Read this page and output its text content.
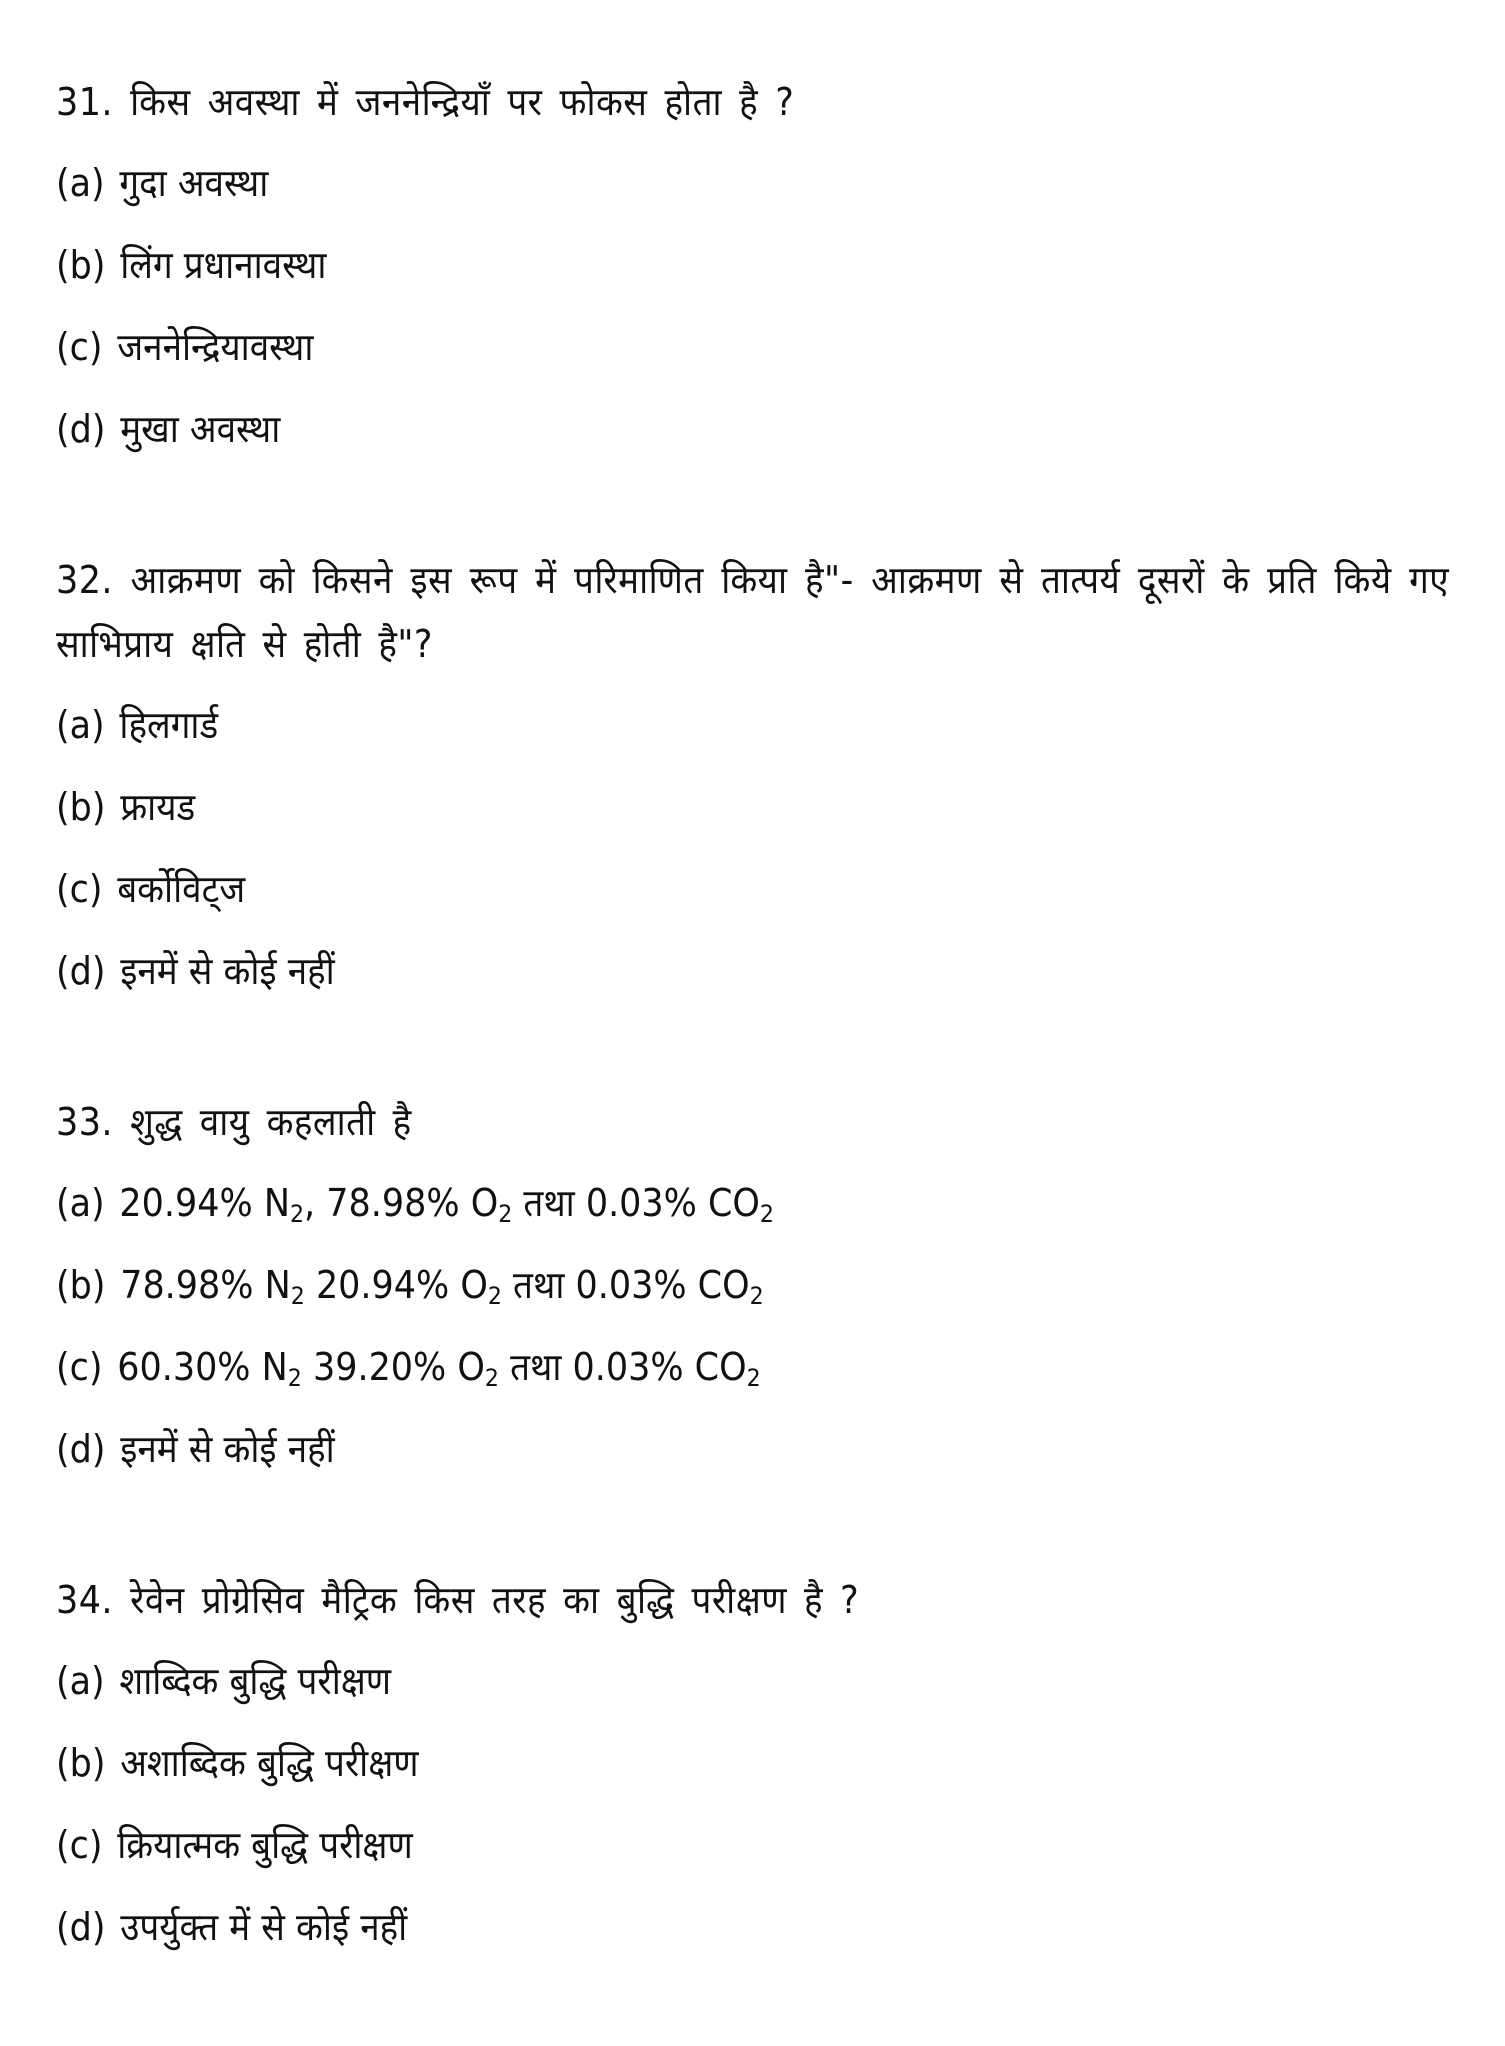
31. किस अवस्था में जननेन्द्रियाँ पर फोकस होता है ?
(a) गुदा अवस्था
(b) लिंग प्रधानावस्था
(c) जननेन्द्रियावस्था
(d) मुखा अवस्था
32. आक्रमण को किसने इस रूप में परिमाणित किया है"- आक्रमण से तात्पर्य दूसरों के प्रति किये गए साभिप्राय क्षति से होती है"?
(a) हिलगार्ड
(b) फ्रायड
(c) बर्कोविट्ज
(d) इनमें से कोई नहीं
33. शुद्ध वायु कहलाती है
(a) 20.94% $N_2$, 78.98% $O_2$ तथा 0.03% $CO_2$
(b) 78.98% $N_2$ 20.94% $O_2$ तथा 0.03% $CO_2$
(c) 60.30% $N_2$ 39.20% $O_2$ तथा 0.03% $CO_2$
(d) इनमें से कोई नहीं
34. रेवेन प्रोग्रेसिव मैट्रिक किस तरह का बुद्धि परीक्षण है ?
(a) शाब्दिक बुद्धि परीक्षण
(b) अशाब्दिक बुद्धि परीक्षण
(c) क्रियात्मक बुद्धि परीक्षण
(d) उपर्युक्त में से कोई नहीं
